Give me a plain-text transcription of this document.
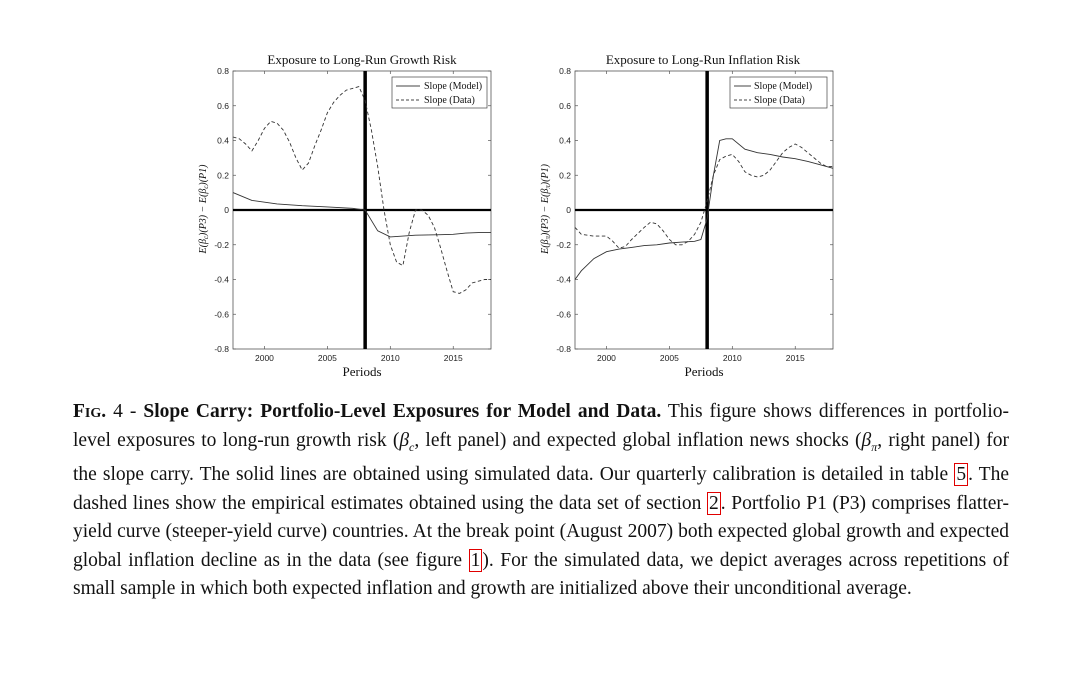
Exposure to Long-Run Growth Risk
$E(\beta_c)(P3) - E(\beta_c)(P1)$
-0.8
-0.6
-0.4
-0.2
0
0.2
0.4
0.6
0.8
2000	2005	2010	2015
Slope (Model)
Slope (Data)
Periods
Exposure to Long-Run Inflation Risk
$E(\beta_\pi)(P3) - E(\beta_\pi)(P1)$
-0.8
-0.6
-0.4
-0.2
0
0.2
0.4
0.6
0.8
2000	2005	2010	2015
Slope (Model)
Slope (Data)
Periods

Fig. 4 - Slope Carry: Portfolio-Level Exposures for Model and Data. This figure shows differences in portfolio-level exposures to long-run growth risk ($\beta_c$, left panel) and expected global inflation news shocks ($\beta_\pi$, right panel) for the slope carry. The solid lines are obtained using simulated data. Our quarterly calibration is detailed in table 5 . The dashed lines show the empirical estimates obtained using the data set of section 2 . Portfolio P1 (P3) comprises flatter-yield curve (steeper-yield curve) countries. At the break point (August 2007) both expected global growth and expected global inflation decline as in the data (see figure 1 ). For the simulated data, we depict averages across repetitions of small sample in which both expected inflation and growth are initialized above their unconditional average.
